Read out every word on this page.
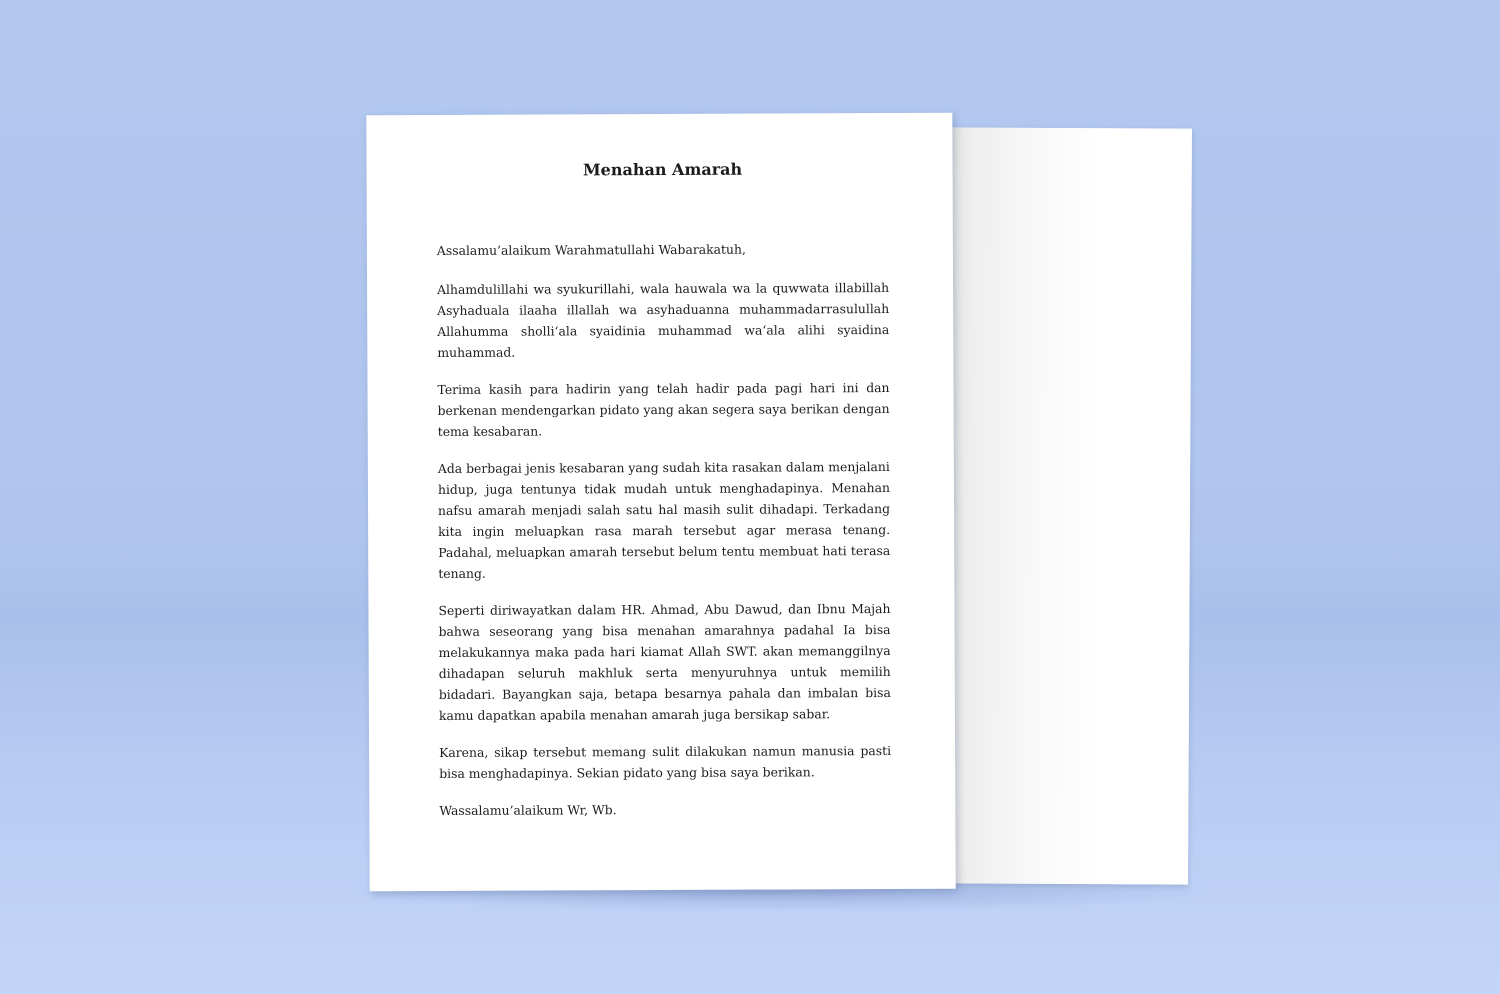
Menahan Amarah

Assalamu’alaikum Warahmatullahi Wabarakatuh,

Alhamdulillahi wa syukurillahi, wala hauwala wa la quwwata illabillah Asyhaduala ilaaha illallah wa asyhaduanna muhammadarrasulullah Allahumma sholli‘ala syaidinia muhammad wa‘ala alihi syaidina muhammad.

Terima kasih para hadirin yang telah hadir pada pagi hari ini dan berkenan mendengarkan pidato yang akan segera saya berikan dengan tema kesabaran.

Ada berbagai jenis kesabaran yang sudah kita rasakan dalam menjalani hidup, juga tentunya tidak mudah untuk menghadapinya. Menahan nafsu amarah menjadi salah satu hal masih sulit dihadapi. Terkadang kita ingin meluapkan rasa marah tersebut agar merasa tenang. Padahal, meluapkan amarah tersebut belum tentu membuat hati terasa tenang.

Seperti diriwayatkan dalam HR. Ahmad, Abu Dawud, dan Ibnu Majah bahwa seseorang yang bisa menahan amarahnya padahal Ia bisa melakukannya maka pada hari kiamat Allah SWT. akan memanggilnya dihadapan seluruh makhluk serta menyuruhnya untuk memilih bidadari. Bayangkan saja, betapa besarnya pahala dan imbalan bisa kamu dapatkan apabila menahan amarah juga bersikap sabar.

Karena, sikap tersebut memang sulit dilakukan namun manusia pasti bisa menghadapinya. Sekian pidato yang bisa saya berikan.

Wassalamu’alaikum Wr, Wb.
